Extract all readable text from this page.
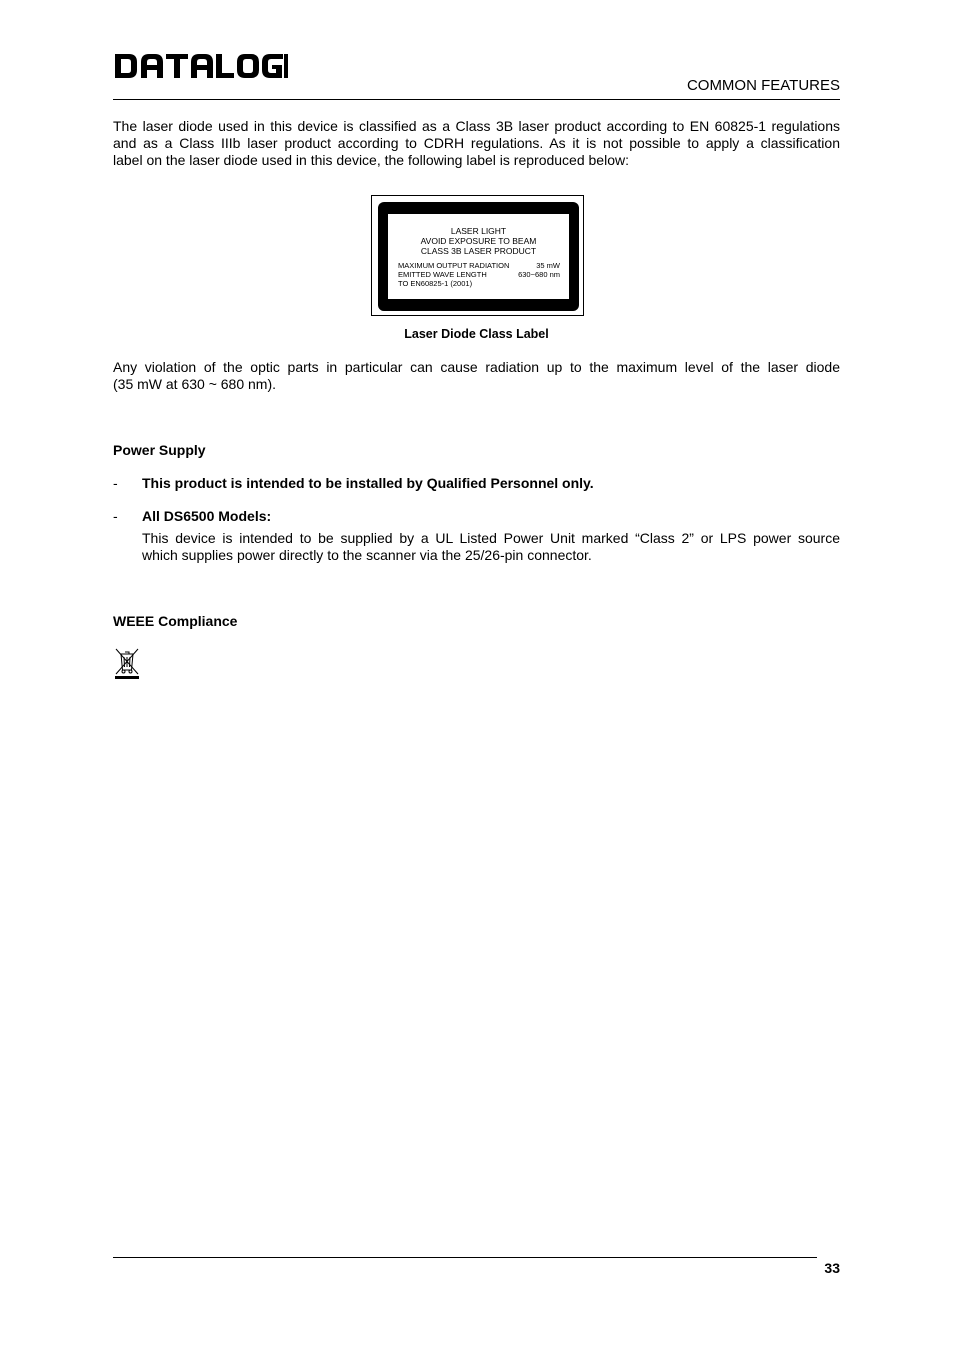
COMMON FEATURES
The laser diode used in this device is classified as a Class 3B laser product according to EN 60825-1 regulations
and as a Class IIIb laser product according to CDRH regulations. As it is not possible to apply a classification
label on the laser diode used in this device, the following label is reproduced below:
LASER LIGHT
AVOID EXPOSURE TO BEAM
CLASS 3B LASER PRODUCT
MAXIMUM OUTPUT RADIATION	35 mW
EMITTED WAVE LENGTH	630~680 nm
TO EN60825-1 (2001)
Laser Diode Class Label
Any violation of the optic parts in particular can cause radiation up to the maximum level of the laser diode
(35 mW at 630 ~ 680 nm).
Power Supply
- This product is intended to be installed by Qualified Personnel only.
- All DS6500 Models:
This device is intended to be supplied by a UL Listed Power Unit marked “Class 2” or LPS power source
which supplies power directly to the scanner via the 25/26-pin connector.
WEEE Compliance
33
